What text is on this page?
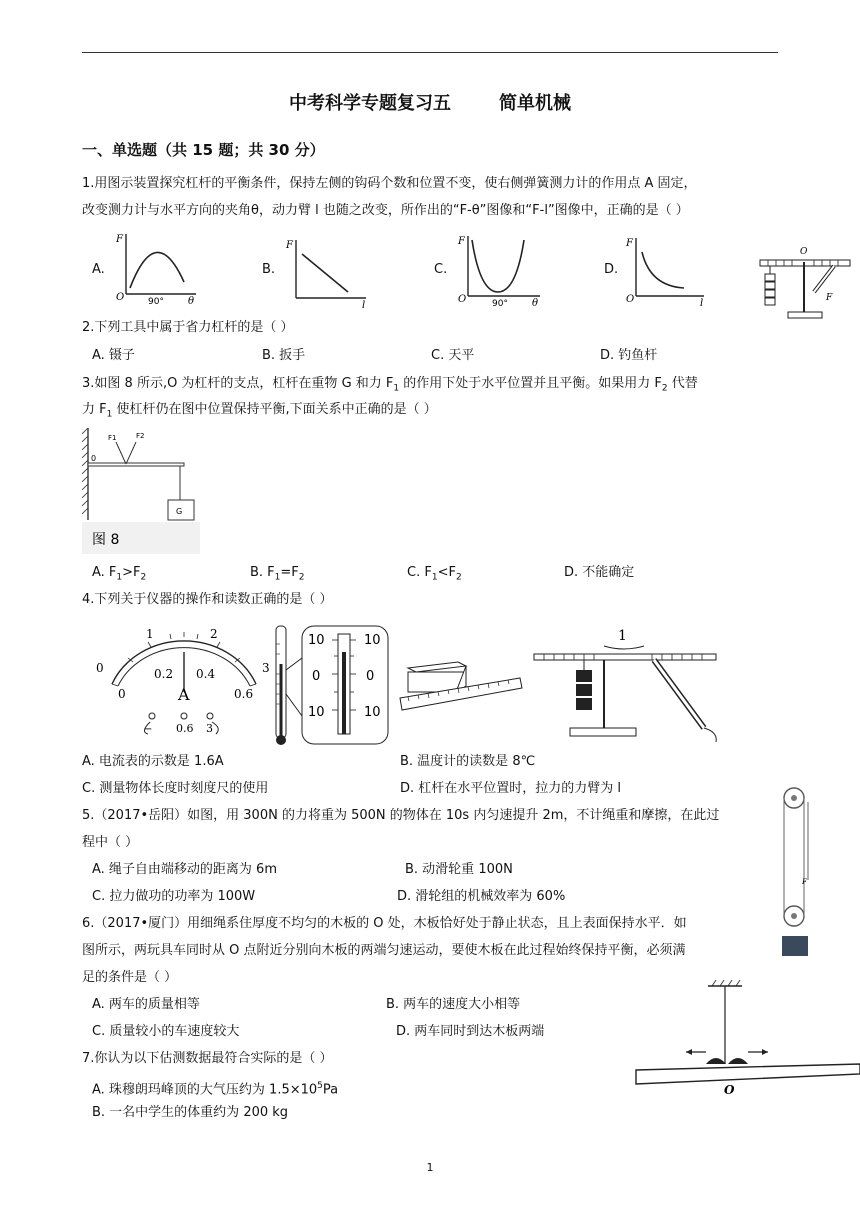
中考科学专题复习五	简单机械
一、单选题（共 15 题；共 30 分）
1.用图示装置探究杠杆的平衡条件，保持左侧的钩码个数和位置不变，使右侧弹簧测力计的作用点 A 固定，
改变测力计与水平方向的夹角θ，动力臂 l 也随之改变，所作出的“F-θ”图像和“F-l”图像中，正确的是（ ）
A.	B.	C.	D.
F
O	90° θ
F
l
F
O	90° θ
F
O	l
O
F
2.下列工具中属于省力杠杆的是（ ）
A. 镊子	B. 扳手	C. 天平	D. 钓鱼杆
3.如图 8 所示,O 为杠杆的支点，杠杆在重物 G 和力 $F_1$ 的作用下处于水平位置并且平衡。如果用力 $F_2$ 代替
力 $F_1$ 使杠杆仍在图中位置保持平衡,下面关系中正确的是（ ）
G
0
F1	F2
图 8
A. $F_1>F_2$	B. $F_1=F_2$	C. $F_1<F_2$	D. 不能确定
4.下列关于仪器的操作和读数正确的是（ ）
0
1	2
3
0
0.2 0.4
0.6
A
− 0.6 3
10	10
0	0
10	10
1
A. 电流表的示数是 1.6A	B. 温度计的读数是 8℃
C. 测量物体长度时刻度尺的使用	D. 杠杆在水平位置时，拉力的力臂为 l
5.（2017•岳阳）如图，用 300N 的力将重为 500N 的物体在 10s 内匀速提升 2m，不计绳重和摩擦，在此过
程中（ ）
A. 绳子自由端移动的距离为 6m	B. 动滑轮重 100N
C. 拉力做功的功率为 100W	D. 滑轮组的机械效率为 60%
F
6.（2017•厦门）用细绳系住厚度不均匀的木板的 O 处，木板恰好处于静止状态，且上表面保持水平．如
图所示，两玩具车同时从 O 点附近分别向木板的两端匀速运动，要使木板在此过程始终保持平衡，必须满
足的条件是（ ）
A. 两车的质量相等	B. 两车的速度大小相等
C. 质量较小的车速度较大	D. 两车同时到达木板两端
O
7.你认为以下估测数据最符合实际的是（ ）
A. 珠穆朗玛峰顶的大气压约为 $1.5\times 10^5Pa$
B. 一名中学生的体重约为 200 kg
1
